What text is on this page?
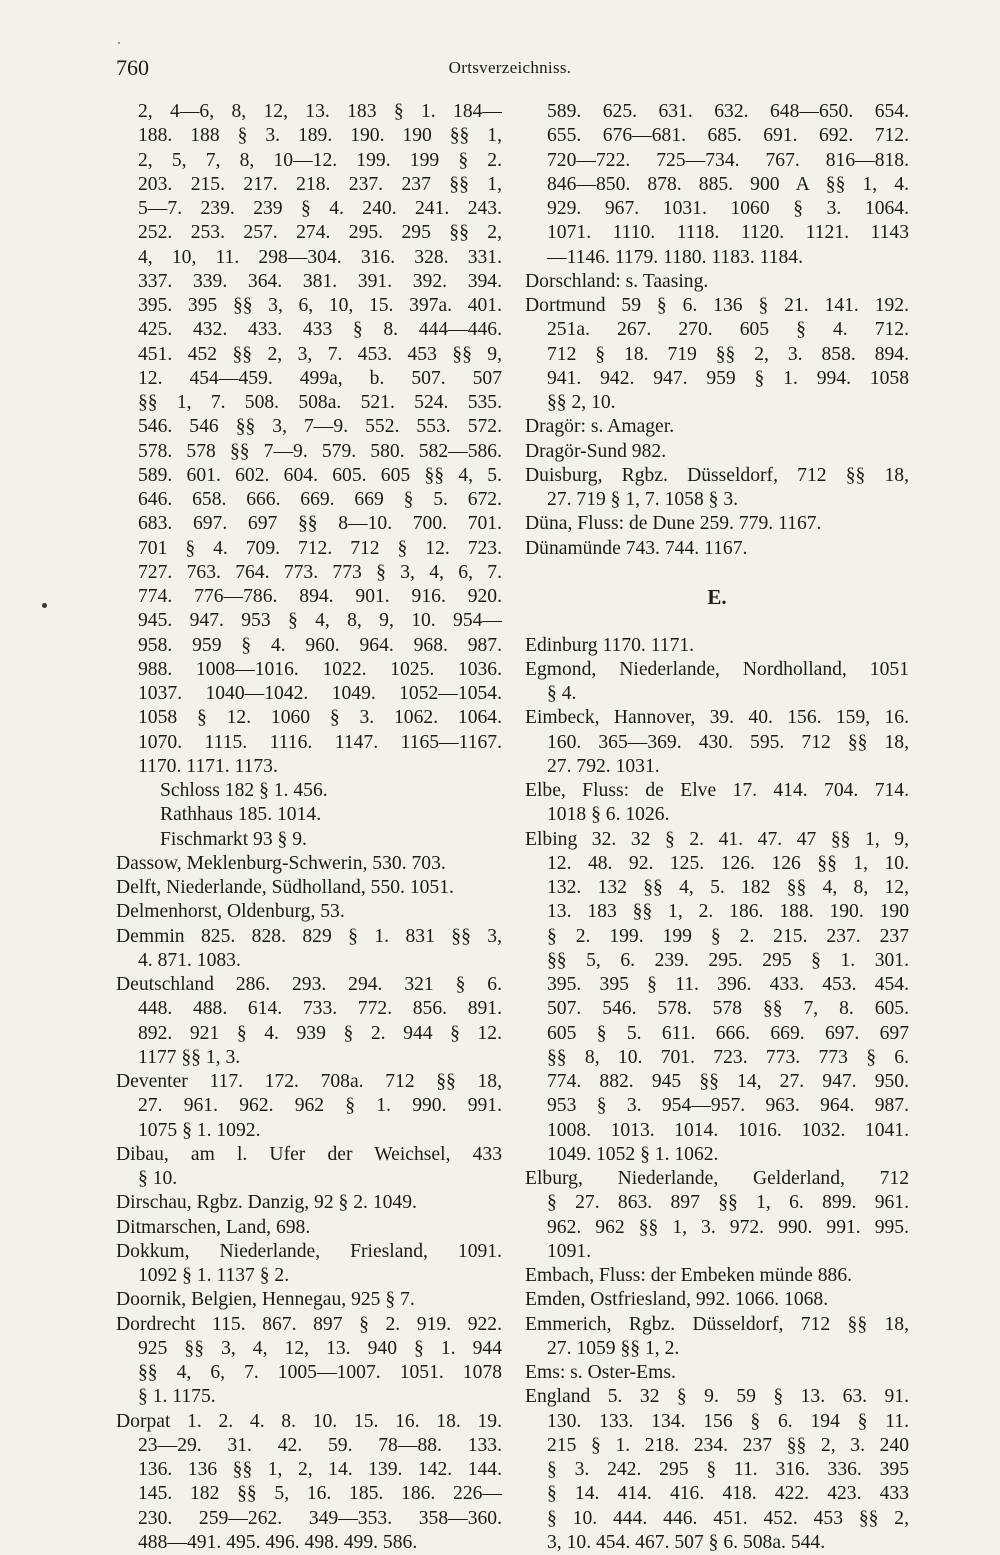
760	Ortsverzeichniss.
2, 4—6, 8, 12, 13. 183 § 1. 184—
188. 188 § 3. 189. 190. 190 §§ 1,
2, 5, 7, 8, 10—12. 199. 199 § 2.
203. 215. 217. 218. 237. 237 §§ 1,
5—7. 239. 239 § 4. 240. 241. 243.
252. 253. 257. 274. 295. 295 §§ 2,
4, 10, 11. 298—304. 316. 328. 331.
337. 339. 364. 381. 391. 392. 394.
395. 395 §§ 3, 6, 10, 15. 397a. 401.
425. 432. 433. 433 § 8. 444—446.
451. 452 §§ 2, 3, 7. 453. 453 §§ 9,
12. 454—459. 499a, b. 507. 507
§§ 1, 7. 508. 508a. 521. 524. 535.
546. 546 §§ 3, 7—9. 552. 553. 572.
578. 578 §§ 7—9. 579. 580. 582—586.
589. 601. 602. 604. 605. 605 §§ 4, 5.
646. 658. 666. 669. 669 § 5. 672.
683. 697. 697 §§ 8—10. 700. 701.
701 § 4. 709. 712. 712 § 12. 723.
727. 763. 764. 773. 773 § 3, 4, 6, 7.
774. 776—786. 894. 901. 916. 920.
945. 947. 953 § 4, 8, 9, 10. 954—
958. 959 § 4. 960. 964. 968. 987.
988. 1008—1016. 1022. 1025. 1036.
1037. 1040—1042. 1049. 1052—1054.
1058 § 12. 1060 § 3. 1062. 1064.
1070. 1115. 1116. 1147. 1165—1167.
1170. 1171. 1173.
Schloss 182 § 1. 456.
Rathhaus 185. 1014.
Fischmarkt 93 § 9.
Dassow, Meklenburg-Schwerin, 530. 703.
Delft, Niederlande, Südholland, 550. 1051.
Delmenhorst, Oldenburg, 53.
Demmin 825. 828. 829 § 1. 831 §§ 3,
4. 871. 1083.
Deutschland 286. 293. 294. 321 § 6.
448. 488. 614. 733. 772. 856. 891.
892. 921 § 4. 939 § 2. 944 § 12.
1177 §§ 1, 3.
Deventer 117. 172. 708a. 712 §§ 18,
27. 961. 962. 962 § 1. 990. 991.
1075 § 1. 1092.
Dibau, am l. Ufer der Weichsel, 433
§ 10.
Dirschau, Rgbz. Danzig, 92 § 2. 1049.
Ditmarschen, Land, 698.
Dokkum, Niederlande, Friesland, 1091.
1092 § 1. 1137 § 2.
Doornik, Belgien, Hennegau, 925 § 7.
Dordrecht 115. 867. 897 § 2. 919. 922.
925 §§ 3, 4, 12, 13. 940 § 1. 944
§§ 4, 6, 7. 1005—1007. 1051. 1078
§ 1. 1175.
Dorpat 1. 2. 4. 8. 10. 15. 16. 18. 19.
23—29. 31. 42. 59. 78—88. 133.
136. 136 §§ 1, 2, 14. 139. 142. 144.
145. 182 §§ 5, 16. 185. 186. 226—
230. 259—262. 349—353. 358—360.
488—491. 495. 496. 498. 499. 586.
589. 625. 631. 632. 648—650. 654.
655. 676—681. 685. 691. 692. 712.
720—722. 725—734. 767. 816—818.
846—850. 878. 885. 900 A §§ 1, 4.
929. 967. 1031. 1060 § 3. 1064.
1071. 1110. 1118. 1120. 1121. 1143
—1146. 1179. 1180. 1183. 1184.
Dorschland: s. Taasing.
Dortmund 59 § 6. 136 § 21. 141. 192.
251a. 267. 270. 605 § 4. 712.
712 § 18. 719 §§ 2, 3. 858. 894.
941. 942. 947. 959 § 1. 994. 1058
§§ 2, 10.
Dragör: s. Amager.
Dragör-Sund 982.
Duisburg, Rgbz. Düsseldorf, 712 §§ 18,
27. 719 § 1, 7. 1058 § 3.
Düna, Fluss: de Dune 259. 779. 1167.
Dünamünde 743. 744. 1167.
E.
Edinburg 1170. 1171.
Egmond, Niederlande, Nordholland, 1051
§ 4.
Eimbeck, Hannover, 39. 40. 156. 159, 16.
160. 365—369. 430. 595. 712 §§ 18,
27. 792. 1031.
Elbe, Fluss: de Elve 17. 414. 704. 714.
1018 § 6. 1026.
Elbing 32. 32 § 2. 41. 47. 47 §§ 1, 9,
12. 48. 92. 125. 126. 126 §§ 1, 10.
132. 132 §§ 4, 5. 182 §§ 4, 8, 12,
13. 183 §§ 1, 2. 186. 188. 190. 190
§ 2. 199. 199 § 2. 215. 237. 237
§§ 5, 6. 239. 295. 295 § 1. 301.
395. 395 § 11. 396. 433. 453. 454.
507. 546. 578. 578 §§ 7, 8. 605.
605 § 5. 611. 666. 669. 697. 697
§§ 8, 10. 701. 723. 773. 773 § 6.
774. 882. 945 §§ 14, 27. 947. 950.
953 § 3. 954—957. 963. 964. 987.
1008. 1013. 1014. 1016. 1032. 1041.
1049. 1052 § 1. 1062.
Elburg, Niederlande, Gelderland, 712
§ 27. 863. 897 §§ 1, 6. 899. 961.
962. 962 §§ 1, 3. 972. 990. 991. 995.
1091.
Embach, Fluss: der Embeken münde 886.
Emden, Ostfriesland, 992. 1066. 1068.
Emmerich, Rgbz. Düsseldorf, 712 §§ 18,
27. 1059 §§ 1, 2.
Ems: s. Oster-Ems.
England 5. 32 § 9. 59 § 13. 63. 91.
130. 133. 134. 156 § 6. 194 § 11.
215 § 1. 218. 234. 237 §§ 2, 3. 240
§ 3. 242. 295 § 11. 316. 336. 395
§ 14. 414. 416. 418. 422. 423. 433
§ 10. 444. 446. 451. 452. 453 §§ 2,
3, 10. 454. 467. 507 § 6. 508a. 544.
